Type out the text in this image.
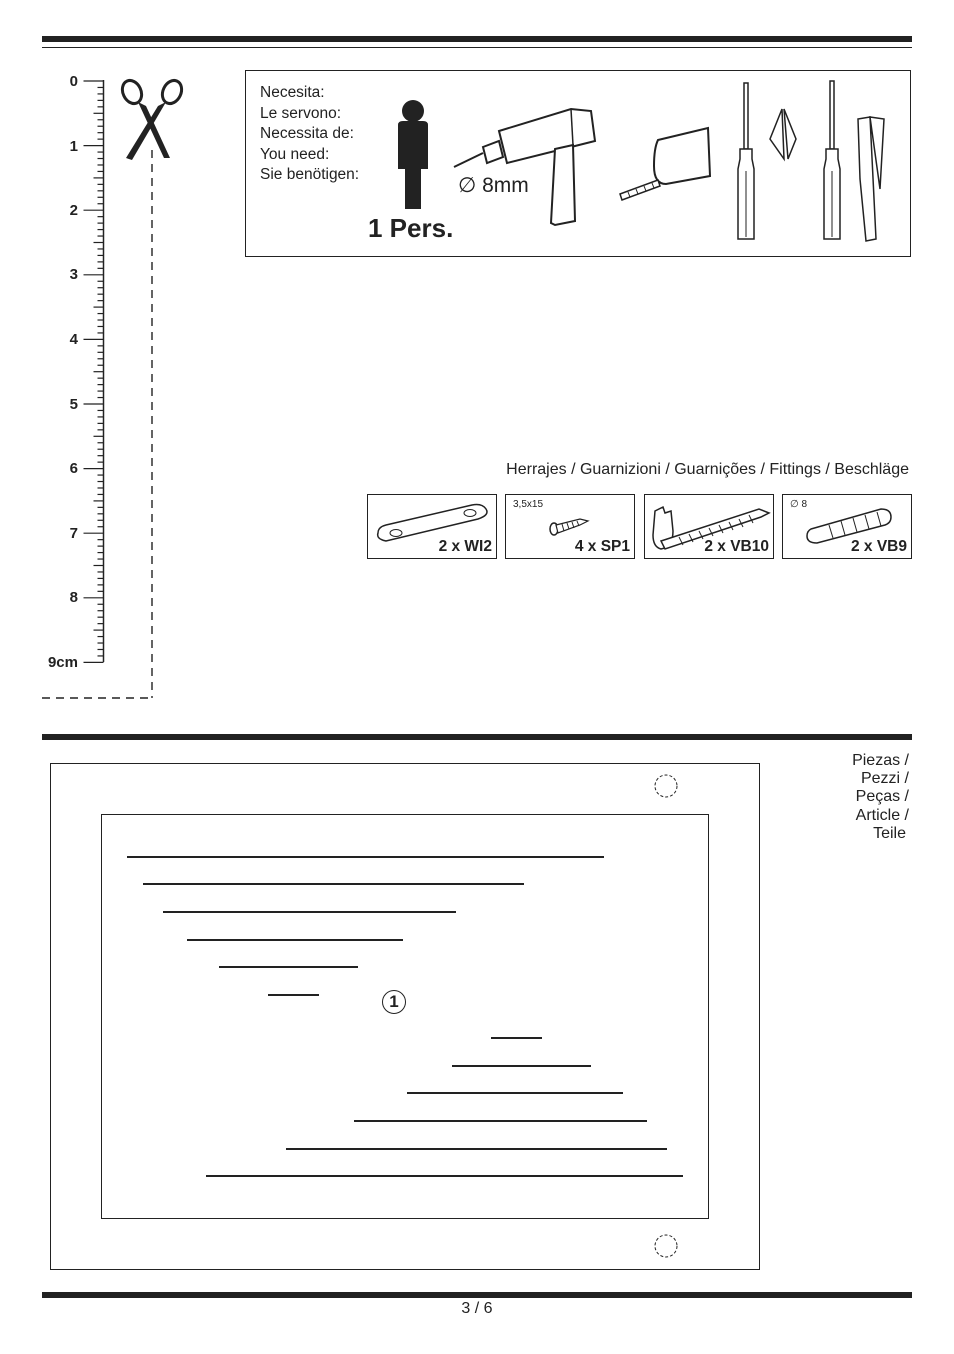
0
1
2
3
4
5
6
7
8
9cm
Necesita:
Le servono:
Necessita de:
You need:
Sie benötigen:
1 Pers.
∅ 8mm
Herrajes / Guarnizioni / Guarnições / Fittings / Beschläge
2 x WI2
3,5x15
4 x SP1	2 x VB10
∅ 8
2 x VB9
Piezas /
Pezzi /
Peças /
Article /
Teile
1
3 / 6
